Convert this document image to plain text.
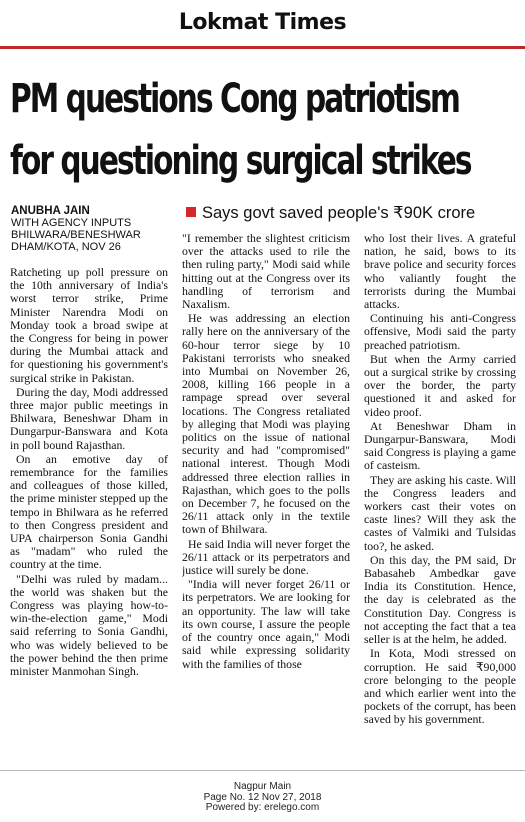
Lokmat Times
PM questions Cong patriotism
for questioning surgical strikes
ANUBHA JAIN
WITH AGENCY INPUTS
BHILWARA/BENESHWAR
DHAM/KOTA, NOV 26
Says govt saved people's ₹90K crore

Ratcheting up poll pressure on the 10th anniversary of India's worst terror strike, Prime Minister Narendra Modi on Monday took a broad swipe at the Congress for being in power during the Mumbai attack and for questioning his government's surgical strike in Pakistan.

During the day, Modi addressed three major public meetings in Bhilwara, Beneshwar Dham in Dungarpur-Banswara and Kota in poll bound Rajasthan.

On an emotive day of remembrance for the families and colleagues of those killed, the prime minister stepped up the tempo in Bhilwara as he referred to then Congress president and UPA chairperson Sonia Gandhi as "madam" who ruled the country at the time.

"Delhi was ruled by madam... the world was shaken but the Congress was playing how-to-win-the-election game," Modi said referring to Sonia Gandhi, who was widely believed to be the power behind the then prime minister Manmohan Singh.

"I remember the slightest criticism over the attacks used to rile the then ruling party," Modi said while hitting out at the Congress over its handling of terrorism and Naxalism.

He was addressing an election rally here on the anniversary of the 60-hour terror siege by 10 Pakistani terrorists who sneaked into Mumbai on November 26, 2008, killing 166 people in a rampage spread over several locations. The Congress retaliated by alleging that Modi was playing politics on the issue of national security and had "compromised" national interest. Though Modi addressed three election rallies in Rajasthan, which goes to the polls on December 7, he focused on the 26/11 attack only in the textile town of Bhilwara.

He said India will never forget the 26/11 attack or its perpetrators and justice will surely be done.

"India will never forget 26/11 or its perpetrators. We are looking for an opportunity. The law will take its own course, I assure the people of the country once again," Modi said while expressing solidarity with the families of those

who lost their lives. A grateful nation, he said, bows to its brave police and security forces who valiantly fought the terrorists during the Mumbai attacks.

Continuing his anti-Congress offensive, Modi said the party preached patriotism.

But when the Army carried out a surgical strike by crossing over the border, the party questioned it and asked for video proof.

At Beneshwar Dham in Dungarpur-Banswara, Modi said Congress is playing a game of casteism.

They are asking his caste. Will the Congress leaders and workers cast their votes on caste lines? Will they ask the castes of Valmiki and Tulsidas too?, he asked.

On this day, the PM said, Dr Babasaheb Ambedkar gave India its Constitution. Hence, the day is celebrated as the Constitution Day. Congress is not accepting the fact that a tea seller is at the helm, he added.

In Kota, Modi stressed on corruption. He said ₹90,000 crore belonging to the people and which earlier went into the pockets of the corrupt, has been saved by his government.

Nagpur Main
Page No. 12 Nov 27, 2018
Powered by: erelego.com
